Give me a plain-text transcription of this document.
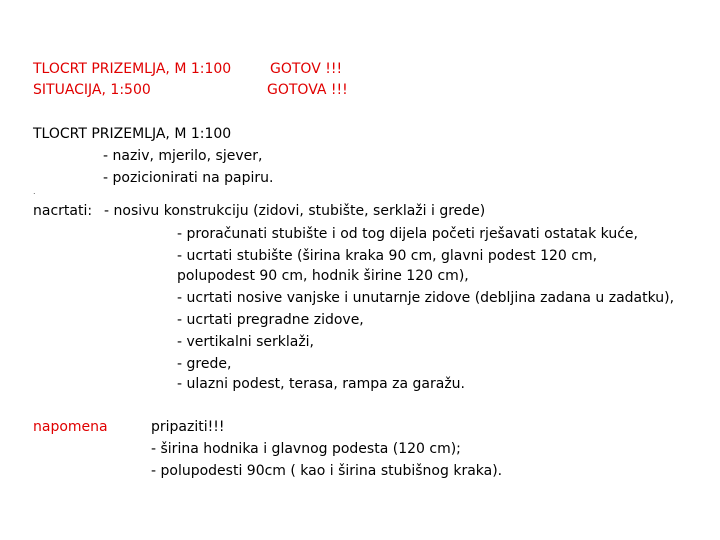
TLOCRT PRIZEMLJA, M 1:100	GOTOV !!!
SITUACIJA, 1:500	GOTOVA !!!
TLOCRT PRIZEMLJA, M 1:100
- naziv, mjerilo, sjever,
- pozicionirati na papiru.
.
nacrtati: - nosivu konstrukciju (zidovi, stubište, serklaži i grede)
- proračunati stubište i od tog dijela početi rješavati ostatak kuće,
- ucrtati stubište (širina kraka 90 cm, glavni podest 120 cm,
polupodest 90 cm, hodnik širine 120 cm),
- ucrtati nosive vanjske i unutarnje zidove (debljina zadana u zadatku),
- ucrtati pregradne zidove,
- vertikalni serklaži,
- grede,
- ulazni podest, terasa, rampa za garažu.
napomena	pripaziti!!!
- širina hodnika i glavnog podesta (120 cm);
- polupodesti 90cm ( kao i širina stubišnog kraka).
